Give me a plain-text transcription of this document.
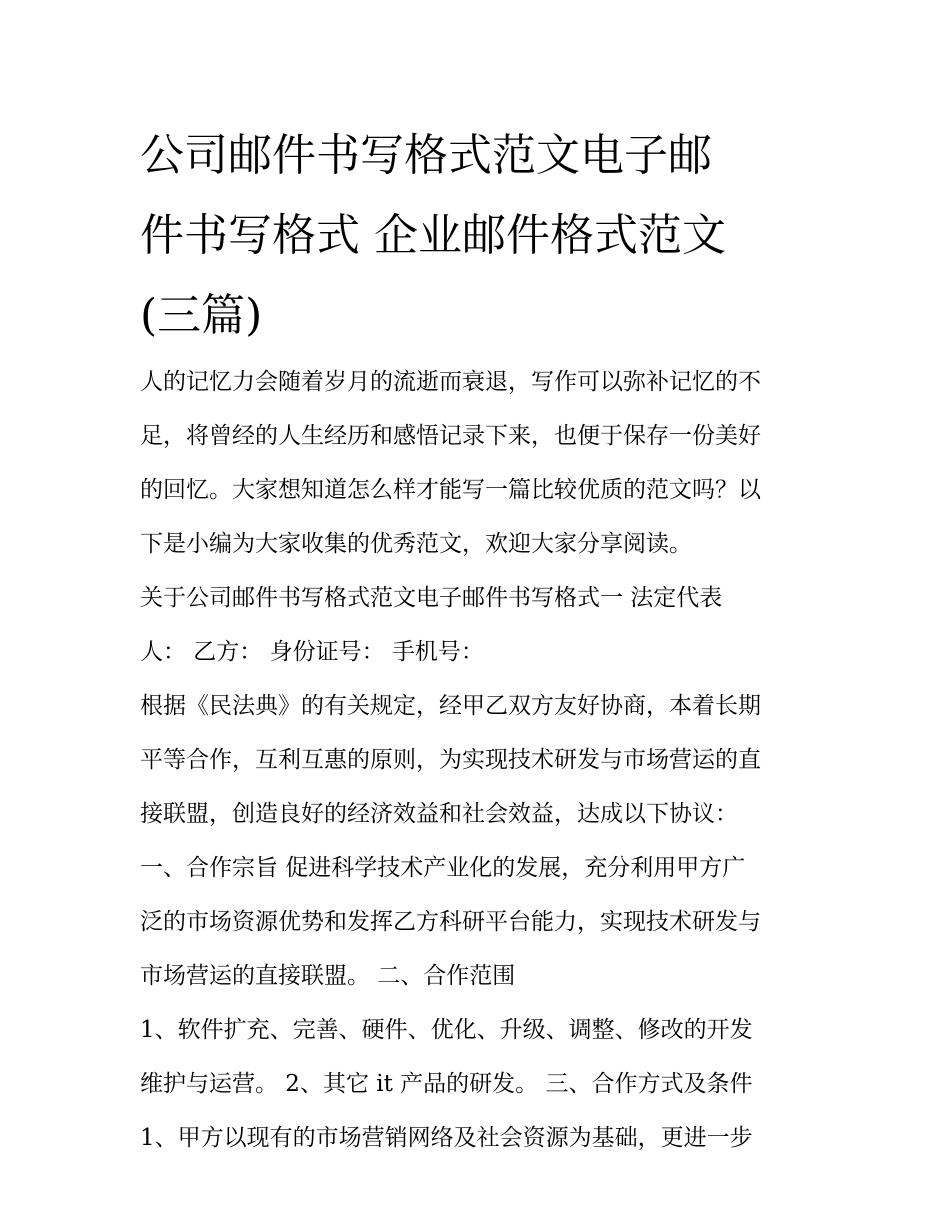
公司邮件书写格式范文电子邮
件书写格式 企业邮件格式范文
(三篇)
人的记忆力会随着岁月的流逝而衰退，写作可以弥补记忆的不
足，将曾经的人生经历和感悟记录下来，也便于保存一份美好
的回忆。大家想知道怎么样才能写一篇比较优质的范文吗？以
下是小编为大家收集的优秀范文，欢迎大家分享阅读。
关于公司邮件书写格式范文电子邮件书写格式一 法定代表
人： 乙方： 身份证号： 手机号：
根据《民法典》的有关规定，经甲乙双方友好协商，本着长期
平等合作，互利互惠的原则，为实现技术研发与市场营运的直
接联盟，创造良好的经济效益和社会效益，达成以下协议：
一、合作宗旨 促进科学技术产业化的发展，充分利用甲方广
泛的市场资源优势和发挥乙方科研平台能力，实现技术研发与
市场营运的直接联盟。 二、合作范围
1、软件扩充、完善、硬件、优化、升级、调整、修改的开发
维护与运营。 2、其它 it 产品的研发。 三、合作方式及条件
1、甲方以现有的市场营销网络及社会资源为基础，更进一步
